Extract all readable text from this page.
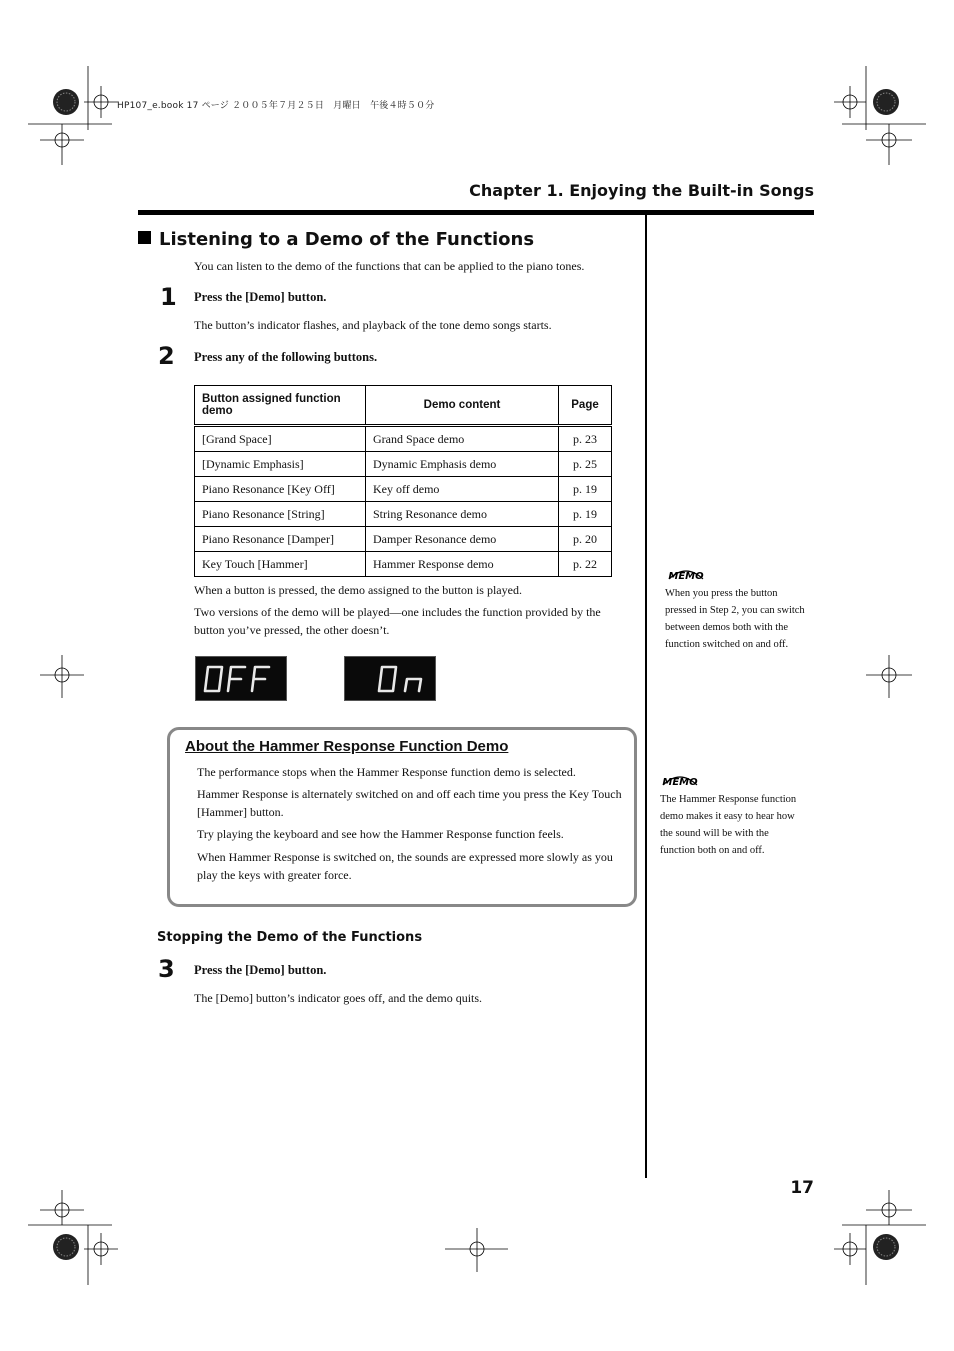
HP107_e.book 17 ページ ２００５年７月２５日　月曜日　午後４時５０分
Chapter 1. Enjoying the Built-in Songs
Listening to a Demo of the Functions
You can listen to the demo of the functions that can be applied to the piano tones.
1 Press the [Demo] button.
The button’s indicator flashes, and playback of the tone demo songs starts.
2 Press any of the following buttons.
Button assigned function demo	Demo content	Page
[Grand Space]	Grand Space demo	p. 23
[Dynamic Emphasis]	Dynamic Emphasis demo	p. 25
Piano Resonance [Key Off]	Key off demo	p. 19
Piano Resonance [String]	String Resonance demo	p. 19
Piano Resonance [Damper]	Damper Resonance demo	p. 20
Key Touch [Hammer]	Hammer Response demo	p. 22
When a button is pressed, the demo assigned to the button is played.
Two versions of the demo will be played—one includes the function provided by the button you’ve pressed, the other doesn’t.
About the Hammer Response Function Demo
The performance stops when the Hammer Response function demo is selected.
Hammer Response is alternately switched on and off each time you press the Key Touch [Hammer] button.
Try playing the keyboard and see how the Hammer Response function feels.
When Hammer Response is switched on, the sounds are expressed more slowly as you play the keys with greater force.
Stopping the Demo of the Functions
3 Press the [Demo] button.
The [Demo] button’s indicator goes off, and the demo quits.
MEMO
When you press the button pressed in Step 2, you can switch between demos both with the function switched on and off.
MEMO
The Hammer Response function demo makes it easy to hear how the sound will be with the function both on and off.
17
